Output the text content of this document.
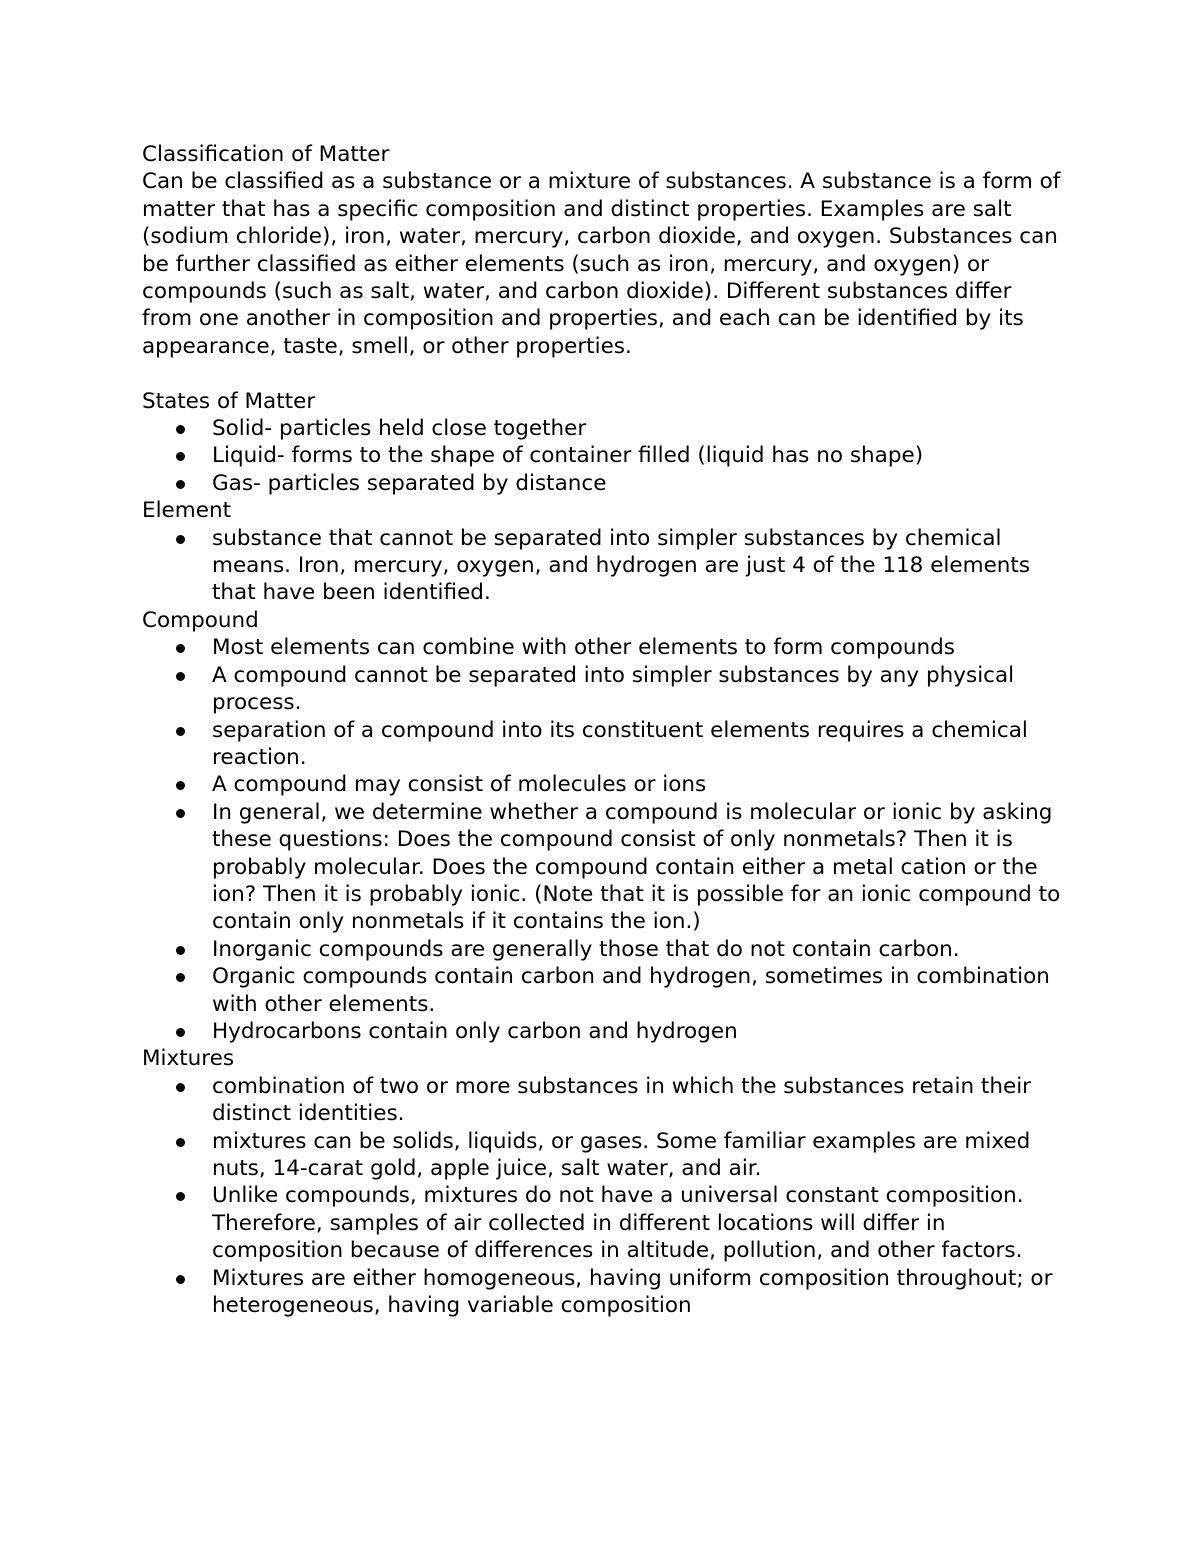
Classification of Matter

Can be classified as a substance or a mixture of substances. A substance is a form of matter that has a specific composition and distinct properties. Examples are salt (sodium chloride), iron, water, mercury, carbon dioxide, and oxygen. Substances can be further classified as either elements (such as iron, mercury, and oxygen) or compounds (such as salt, water, and carbon dioxide). Different substances differ from one another in composition and properties, and each can be identified by its appearance, taste, smell, or other properties.

States of Matter

Solid- particles held close together
Liquid- forms to the shape of container filled (liquid has no shape)
Gas- particles separated by distance

Element

substance that cannot be separated into simpler substances by chemical means. Iron, mercury, oxygen, and hydrogen are just 4 of the 118 elements that have been identified.

Compound

Most elements can combine with other elements to form compounds
A compound cannot be separated into simpler substances by any physical process.
separation of a compound into its constituent elements requires a chemical reaction.
A compound may consist of molecules or ions
In general, we determine whether a compound is molecular or ionic by asking these questions: Does the compound consist of only nonmetals? Then it is probably molecular. Does the compound contain either a metal cation or the ion? Then it is probably ionic. (Note that it is possible for an ionic compound to contain only nonmetals if it contains the ion.)
Inorganic compounds are generally those that do not contain carbon.
Organic compounds contain carbon and hydrogen, sometimes in combination with other elements.
Hydrocarbons contain only carbon and hydrogen

Mixtures

combination of two or more substances in which the substances retain their distinct identities.
mixtures can be solids, liquids, or gases. Some familiar examples are mixed nuts, 14-carat gold, apple juice, salt water, and air.
Unlike compounds, mixtures do not have a universal constant composition. Therefore, samples of air collected in different locations will differ in composition because of differences in altitude, pollution, and other factors.
Mixtures are either homogeneous, having uniform composition throughout; or heterogeneous, having variable composition
